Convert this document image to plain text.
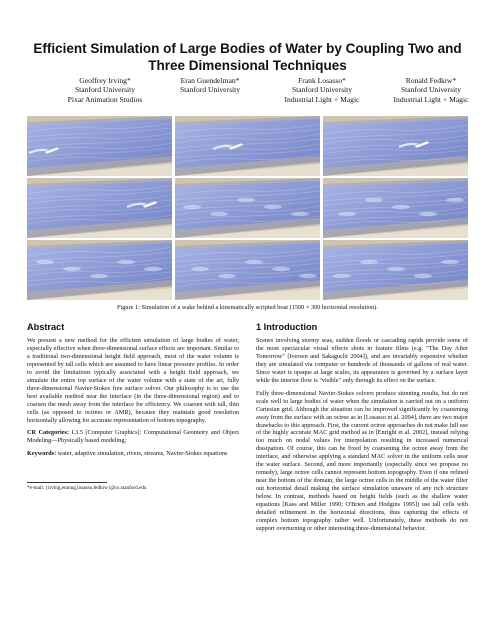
Efficient Simulation of Large Bodies of Water by Coupling Two and Three Dimensional Techniques
Geoffrey Irving*
Stanford University
Pixar Animation Studios
Eran Guendelman*
Stanford University
Frank Losasso*
Stanford University
Industrial Light + Magic
Ronald Fedkiw*
Stanford University
Industrial Light + Magic
Figure 1: Simulation of a wake behind a kinematically scripted boat (1500 × 300 horizontal resolution).
Abstract
We present a new method for the efficient simulation of large bodies of water, especially effective when three-dimensional surface effects are important. Similar to a traditional two-dimensional height field approach, most of the water volume is represented by tall cells which are assumed to have linear pressure profiles. In order to avoid the limitations typically associated with a height field approach, we simulate the entire top surface of the water volume with a state of the art, fully three-dimensional Navier-Stokes free surface solver. Our philosophy is to use the best available method near the interface (in the three-dimensional region) and to coarsen the mesh away from the interface for efficiency. We coarsen with tall, thin cells (as opposed to octrees or AMR), because they maintain good resolution horizontally allowing for accurate representation of bottom topography.
CR Categories: I.3.5 [Computer Graphics]: Computational Geometry and Object Modeling—Physically based modeling;
Keywords: water, adaptive simulation, rivers, streams, Navier-Stokes equations
*e-mail: {irving,eranug,losasso,fedkiw}@cs.stanford.edu
1 Introduction
Scenes involving stormy seas, sudden floods or cascading rapids provide some of the most spectacular visual effects shots in feature films (e.g. "The Day After Tomorrow" [Iversen and Sakaguchi 2004]), and are invariably expensive whether they are simulated via computer or hundreds of thousands of gallons of real water. Since water is opaque at large scales, its appearance is governed by a surface layer while the interior flow is "visible" only through its effect on the surface.
Fully three-dimensional Navier-Stokes solvers produce stunning results, but do not scale well to large bodies of water when the simulation is carried out on a uniform Cartesian grid. Although the situation can be improved significantly by coarsening away from the surface with an octree as in [Losasso et al. 2004], there are two major drawbacks to this approach. First, the current octree approaches do not make full use of the highly accurate MAC grid method as in [Enright et al. 2002], instead relying too much on nodal values for interpolation resulting in increased numerical dissipation. Of course, this can be fixed by coarsening the octree away from the interface, and otherwise applying a standard MAC solver in the uniform cells near the water surface. Second, and more importantly (especially since we propose no remedy), large octree cells cannot represent bottom topography. Even if one refined near the bottom of the domain, the large octree cells in the middle of the water filter out horizontal detail making the surface simulation unaware of any rich structure below. In contrast, methods based on height fields (such as the shallow water equations [Kass and Miller 1990; O'Brien and Hodgins 1995]) use tall cells with detailed refinement in the horizontal directions, thus capturing the effects of complex bottom topography rather well. Unfortunately, these methods do not support overturning or other interesting three-dimensional behavior.
